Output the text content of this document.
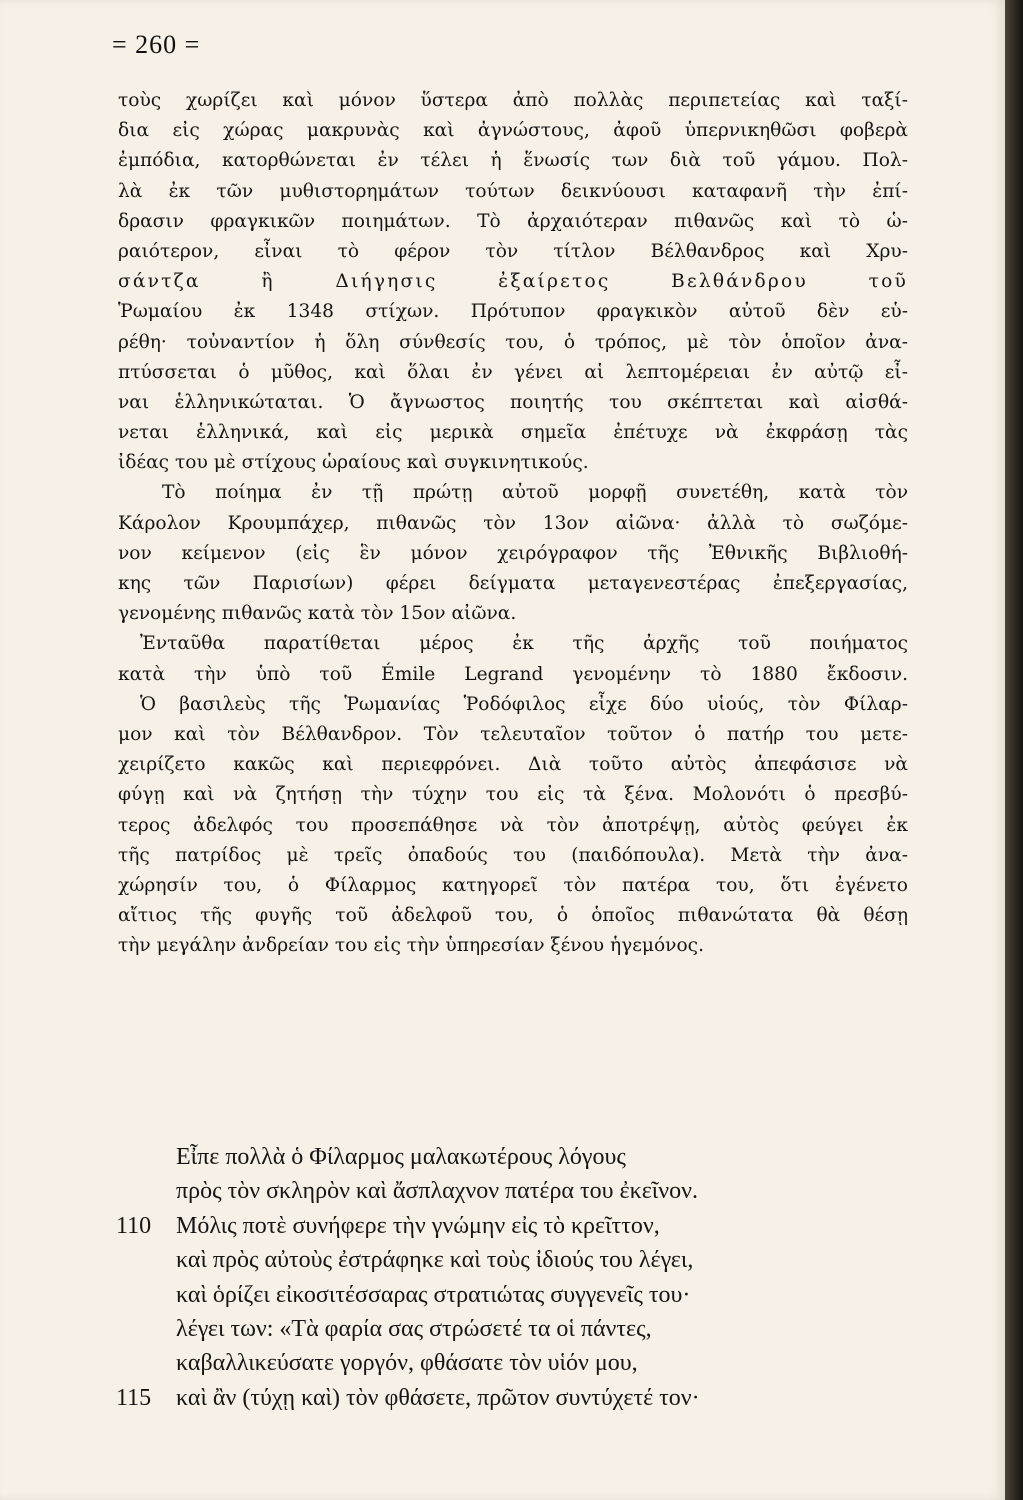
= 260 =
τοὺς χωρίζει καὶ μόνον ὕστερα ἀπὸ πολλὰς περιπετείας καὶ ταξί-
δια εἰς χώρας μακρυνὰς καὶ ἀγνώστους, ἀφοῦ ὑπερνικηθῶσι φοβερὰ
ἐμπόδια, κατορθώνεται ἐν τέλει ἡ ἕνωσίς των διὰ τοῦ γάμου. Πολ-
λὰ ἐκ τῶν μυθιστορημάτων τούτων δεικνύουσι καταφανῆ τὴν ἐπί-
δρασιν φραγκικῶν ποιημάτων. Τὸ ἀρχαιότεραν πιθανῶς καὶ τὸ ὡ-
ραιότερον, εἶναι τὸ φέρον τὸν τίτλον Βέλθανδρος καὶ Χρυ-
σάντζα ἢ Διήγησις ἐξαίρετος Βελθάνδρου τοῦ
Ῥωμαίου ἐκ 1348 στίχων. Πρότυπον φραγκικὸν αὐτοῦ δὲν εὑ-
ρέθη· τοὐναντίον ἡ ὅλη σύνθεσίς του, ὁ τρόπος, μὲ τὸν ὁποῖον ἀνα-
πτύσσεται ὁ μῦθος, καὶ ὅλαι ἐν γένει αἱ λεπτομέρειαι ἐν αὐτῷ εἶ-
ναι ἑλληνικώταται. Ὁ ἄγνωστος ποιητής του σκέπτεται καὶ αἰσθά-
νεται ἑλληνικά, καὶ εἰς μερικὰ σημεῖα ἐπέτυχε νὰ ἐκφράσῃ τὰς
ἰδέας του μὲ στίχους ὡραίους καὶ συγκινητικούς.
Τὸ ποίημα ἐν τῇ πρώτῃ αὐτοῦ μορφῇ συνετέθη, κατὰ τὸν
Κάρολον Κρουμπάχερ, πιθανῶς τὸν 13ον αἰῶνα· ἀλλὰ τὸ σωζόμε-
νον κείμενον (εἰς ἓν μόνον χειρόγραφον τῆς Ἐθνικῆς Βιβλιοθή-
κης τῶν Παρισίων) φέρει δείγματα μεταγενεστέρας ἐπεξεργασίας,
γενομένης πιθανῶς κατὰ τὸν 15ον αἰῶνα.
Ἐνταῦθα παρατίθεται μέρος ἐκ τῆς ἀρχῆς τοῦ ποιήματος
κατὰ τὴν ὑπὸ τοῦ Émile Legrand γενομένην τὸ 1880 ἔκδοσιν.
Ὁ βασιλεὺς τῆς Ῥωμανίας Ῥοδόφιλος εἶχε δύο υἱούς, τὸν Φίλαρ-
μον καὶ τὸν Βέλθανδρον. Τὸν τελευταῖον τοῦτον ὁ πατήρ του μετε-
χειρίζετο κακῶς καὶ περιεφρόνει. Διὰ τοῦτο αὐτὸς ἀπεφάσισε νὰ
φύγῃ καὶ νὰ ζητήσῃ τὴν τύχην του εἰς τὰ ξένα. Μολονότι ὁ πρεσβύ-
τερος ἀδελφός του προσεπάθησε νὰ τὸν ἀποτρέψῃ, αὐτὸς φεύγει ἐκ
τῆς πατρίδος μὲ τρεῖς ὀπαδούς του (παιδόπουλα). Μετὰ τὴν ἀνα-
χώρησίν του, ὁ Φίλαρμος κατηγορεῖ τὸν πατέρα του, ὅτι ἐγένετο
αἴτιος τῆς φυγῆς τοῦ ἀδελφοῦ του, ὁ ὁποῖος πιθανώτατα θὰ θέσῃ
τὴν μεγάλην ἀνδρείαν του εἰς τὴν ὑπηρεσίαν ξένου ἡγεμόνος.
Εἶπε πολλὰ ὁ Φίλαρμος μαλακωτέρους λόγους
πρὸς τὸν σκληρὸν καὶ ἄσπλαχνον πατέρα του ἐκεῖνον.
110	Μόλις ποτὲ συνήφερε τὴν γνώμην εἰς τὸ κρεῖττον,
καὶ πρὸς αὐτοὺς ἐστράφηκε καὶ τοὺς ἰδιούς του λέγει,
καὶ ὁρίζει εἰκοσιτέσσαρας στρατιώτας συγγενεῖς του·
λέγει των: «Τὰ φαρία σας στρώσετέ τα οἱ πάντες,
καβαλλικεύσατε γοργόν, φθάσατε τὸν υἱόν μου,
115	καὶ ἂν (τύχῃ καὶ) τὸν φθάσετε, πρῶτον συντύχετέ τον·
